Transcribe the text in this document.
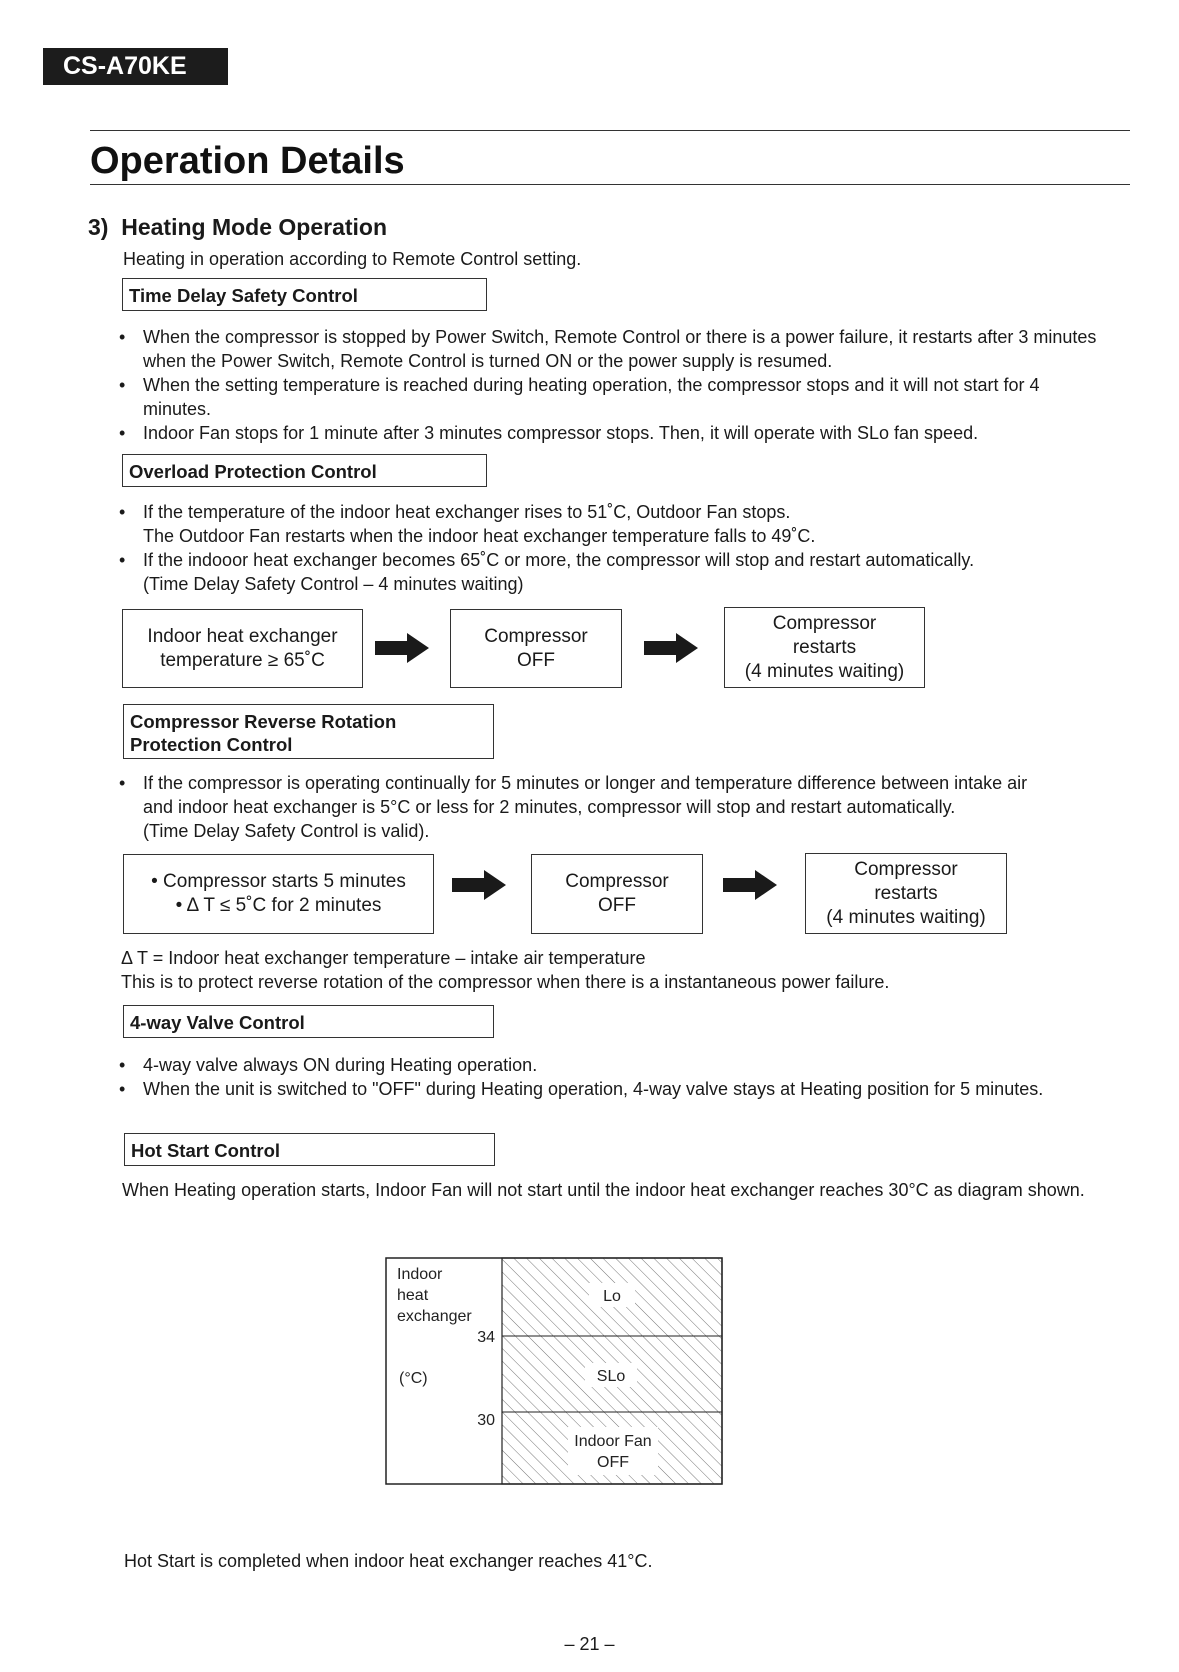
CS-A70KE
Operation Details
3) Heating Mode Operation
Heating in operation according to Remote Control setting.
Time Delay Safety Control
• When the compressor is stopped by Power Switch, Remote Control or there is a power failure, it restarts after 3 minutes when the Power Switch, Remote Control is turned ON or the power supply is resumed.
• When the setting temperature is reached during heating operation, the compressor stops and it will not start for 4 minutes.
• Indoor Fan stops for 1 minute after 3 minutes compressor stops. Then, it will operate with SLo fan speed.
Overload Protection Control
• If the temperature of the indoor heat exchanger rises to 51˚C, Outdoor Fan stops.
The Outdoor Fan restarts when the indoor heat exchanger temperature falls to 49˚C.
• If the indooor heat exchanger becomes 65˚C or more, the compressor will stop and restart automatically.
(Time Delay Safety Control – 4 minutes waiting)
Indoor heat exchanger
temperature ≥ 65˚C
Compressor
OFF
Compressor
restarts
(4 minutes waiting)
Compressor Reverse Rotation
Protection Control
• If the compressor is operating continually for 5 minutes or longer and temperature difference between intake air
and indoor heat exchanger is 5°C or less for 2 minutes, compressor will stop and restart automatically.
(Time Delay Safety Control is valid).
• Compressor starts 5 minutes
• Δ T ≤ 5˚C for 2 minutes
Compressor
OFF
Compressor
restarts
(4 minutes waiting)
Δ T = Indoor heat exchanger temperature – intake air temperature
This is to protect reverse rotation of the compressor when there is a instantaneous power failure.
4-way Valve Control
• 4-way valve always ON during Heating operation.
• When the unit is switched to "OFF" during Heating operation, 4-way valve stays at Heating position for 5 minutes.
Hot Start Control
When Heating operation starts, Indoor Fan will not start until the indoor heat exchanger reaches 30°C as diagram shown.
Indoor
heat
exchanger
34
(°C)
30
Lo
SLo
Indoor Fan
OFF
Hot Start is completed when indoor heat exchanger reaches 41°C.
– 21 –
